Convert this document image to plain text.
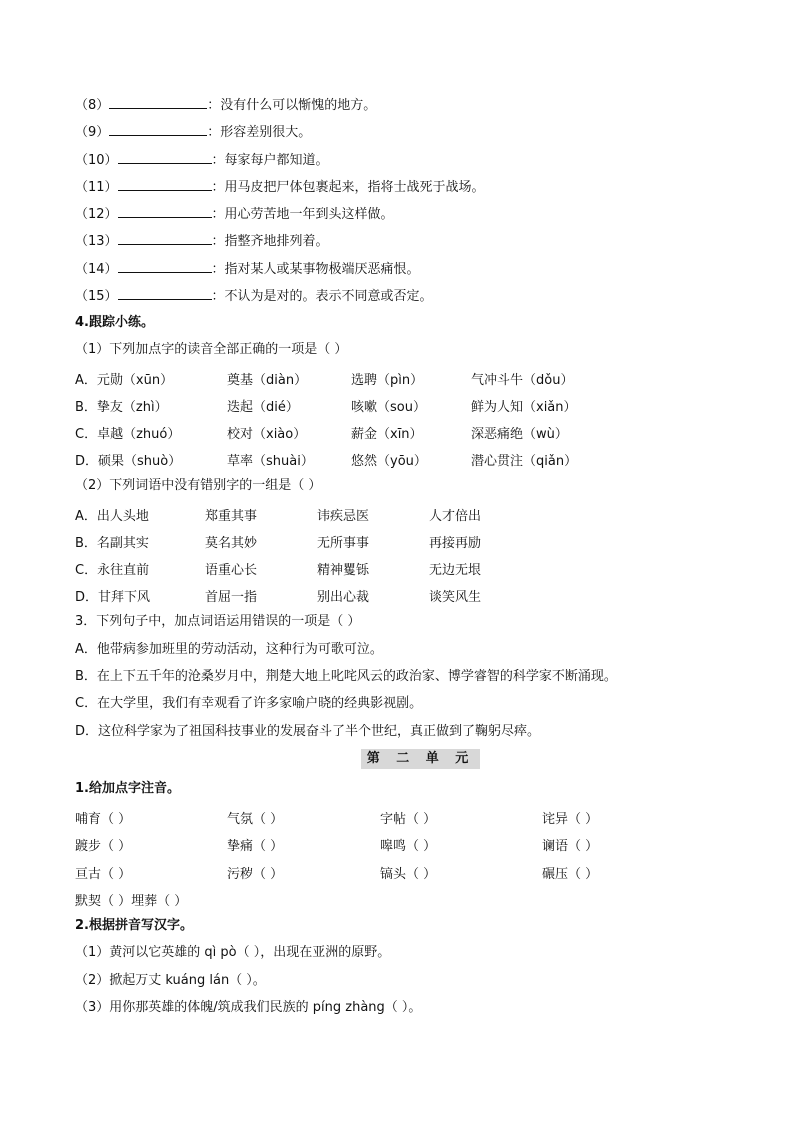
（8）	：没有什么可以惭愧的地方。
（9）	：形容差别很大。
（10）	：每家每户都知道。
（11）	：用马皮把尸体包裹起来，指将士战死于战场。
（12）	：用心劳苦地一年到头这样做。
（13）	：指整齐地排列着。
（14）	：指对某人或某事物极端厌恶痛恨。
（15）	：不认为是对的。表示不同意或否定。
4.跟踪小练。
（1）下列加点字的读音全部正确的一项是（ ）
A．元勋（xūn）	奠基（diàn）	选聘（pìn）	气冲斗牛（dǒu）
B．挚友（zhì）	迭起（dié）	咳嗽（sou）	鲜为人知（xiǎn）
C．卓越（zhuó）	校对（xiào）	薪金（xīn）	深恶痛绝（wù）
D．硕果（shuò）	草率（shuài）	悠然（yōu）	潜心贯注（qiǎn）
（2）下列词语中没有错别字的一组是（ ）
A．出人头地	郑重其事	讳疾忌医	人才倍出
B．名副其实	莫名其妙	无所事事	再接再励
C．永往直前	语重心长	精神矍铄	无边无垠
D．甘拜下风	首屈一指	别出心裁	谈笑风生
3．下列句子中，加点词语运用错误的一项是（ ）
A．他带病参加班里的劳动活动，这种行为可歌可泣。
B．在上下五千年的沧桑岁月中，荆楚大地上叱咤风云的政治家、博学睿智的科学家不断涌现。
C．在大学里，我们有幸观看了许多家喻户晓的经典影视剧。
D．这位科学家为了祖国科技事业的发展奋斗了半个世纪，真正做到了鞠躬尽瘁。
第 二 单 元
1.给加点字注音。
哺育（ ）	气氛（ ）	字帖（ ）	诧异（ ）
踱步（ ）	挚痛（ ）	嗥鸣（ ）	谰语（ ）
亘古（ ）	污秽（ ）	镐头（ ）	碾压（ ）
默契（ ）埋葬（ ）
2.根据拼音写汉字。
（1）黄河以它英雄的 qì pò（ ），出现在亚洲的原野。
（2）掀起万丈 kuáng lán（ ）。
（3）用你那英雄的体魄/筑成我们民族的 píng zhàng（ ）。
